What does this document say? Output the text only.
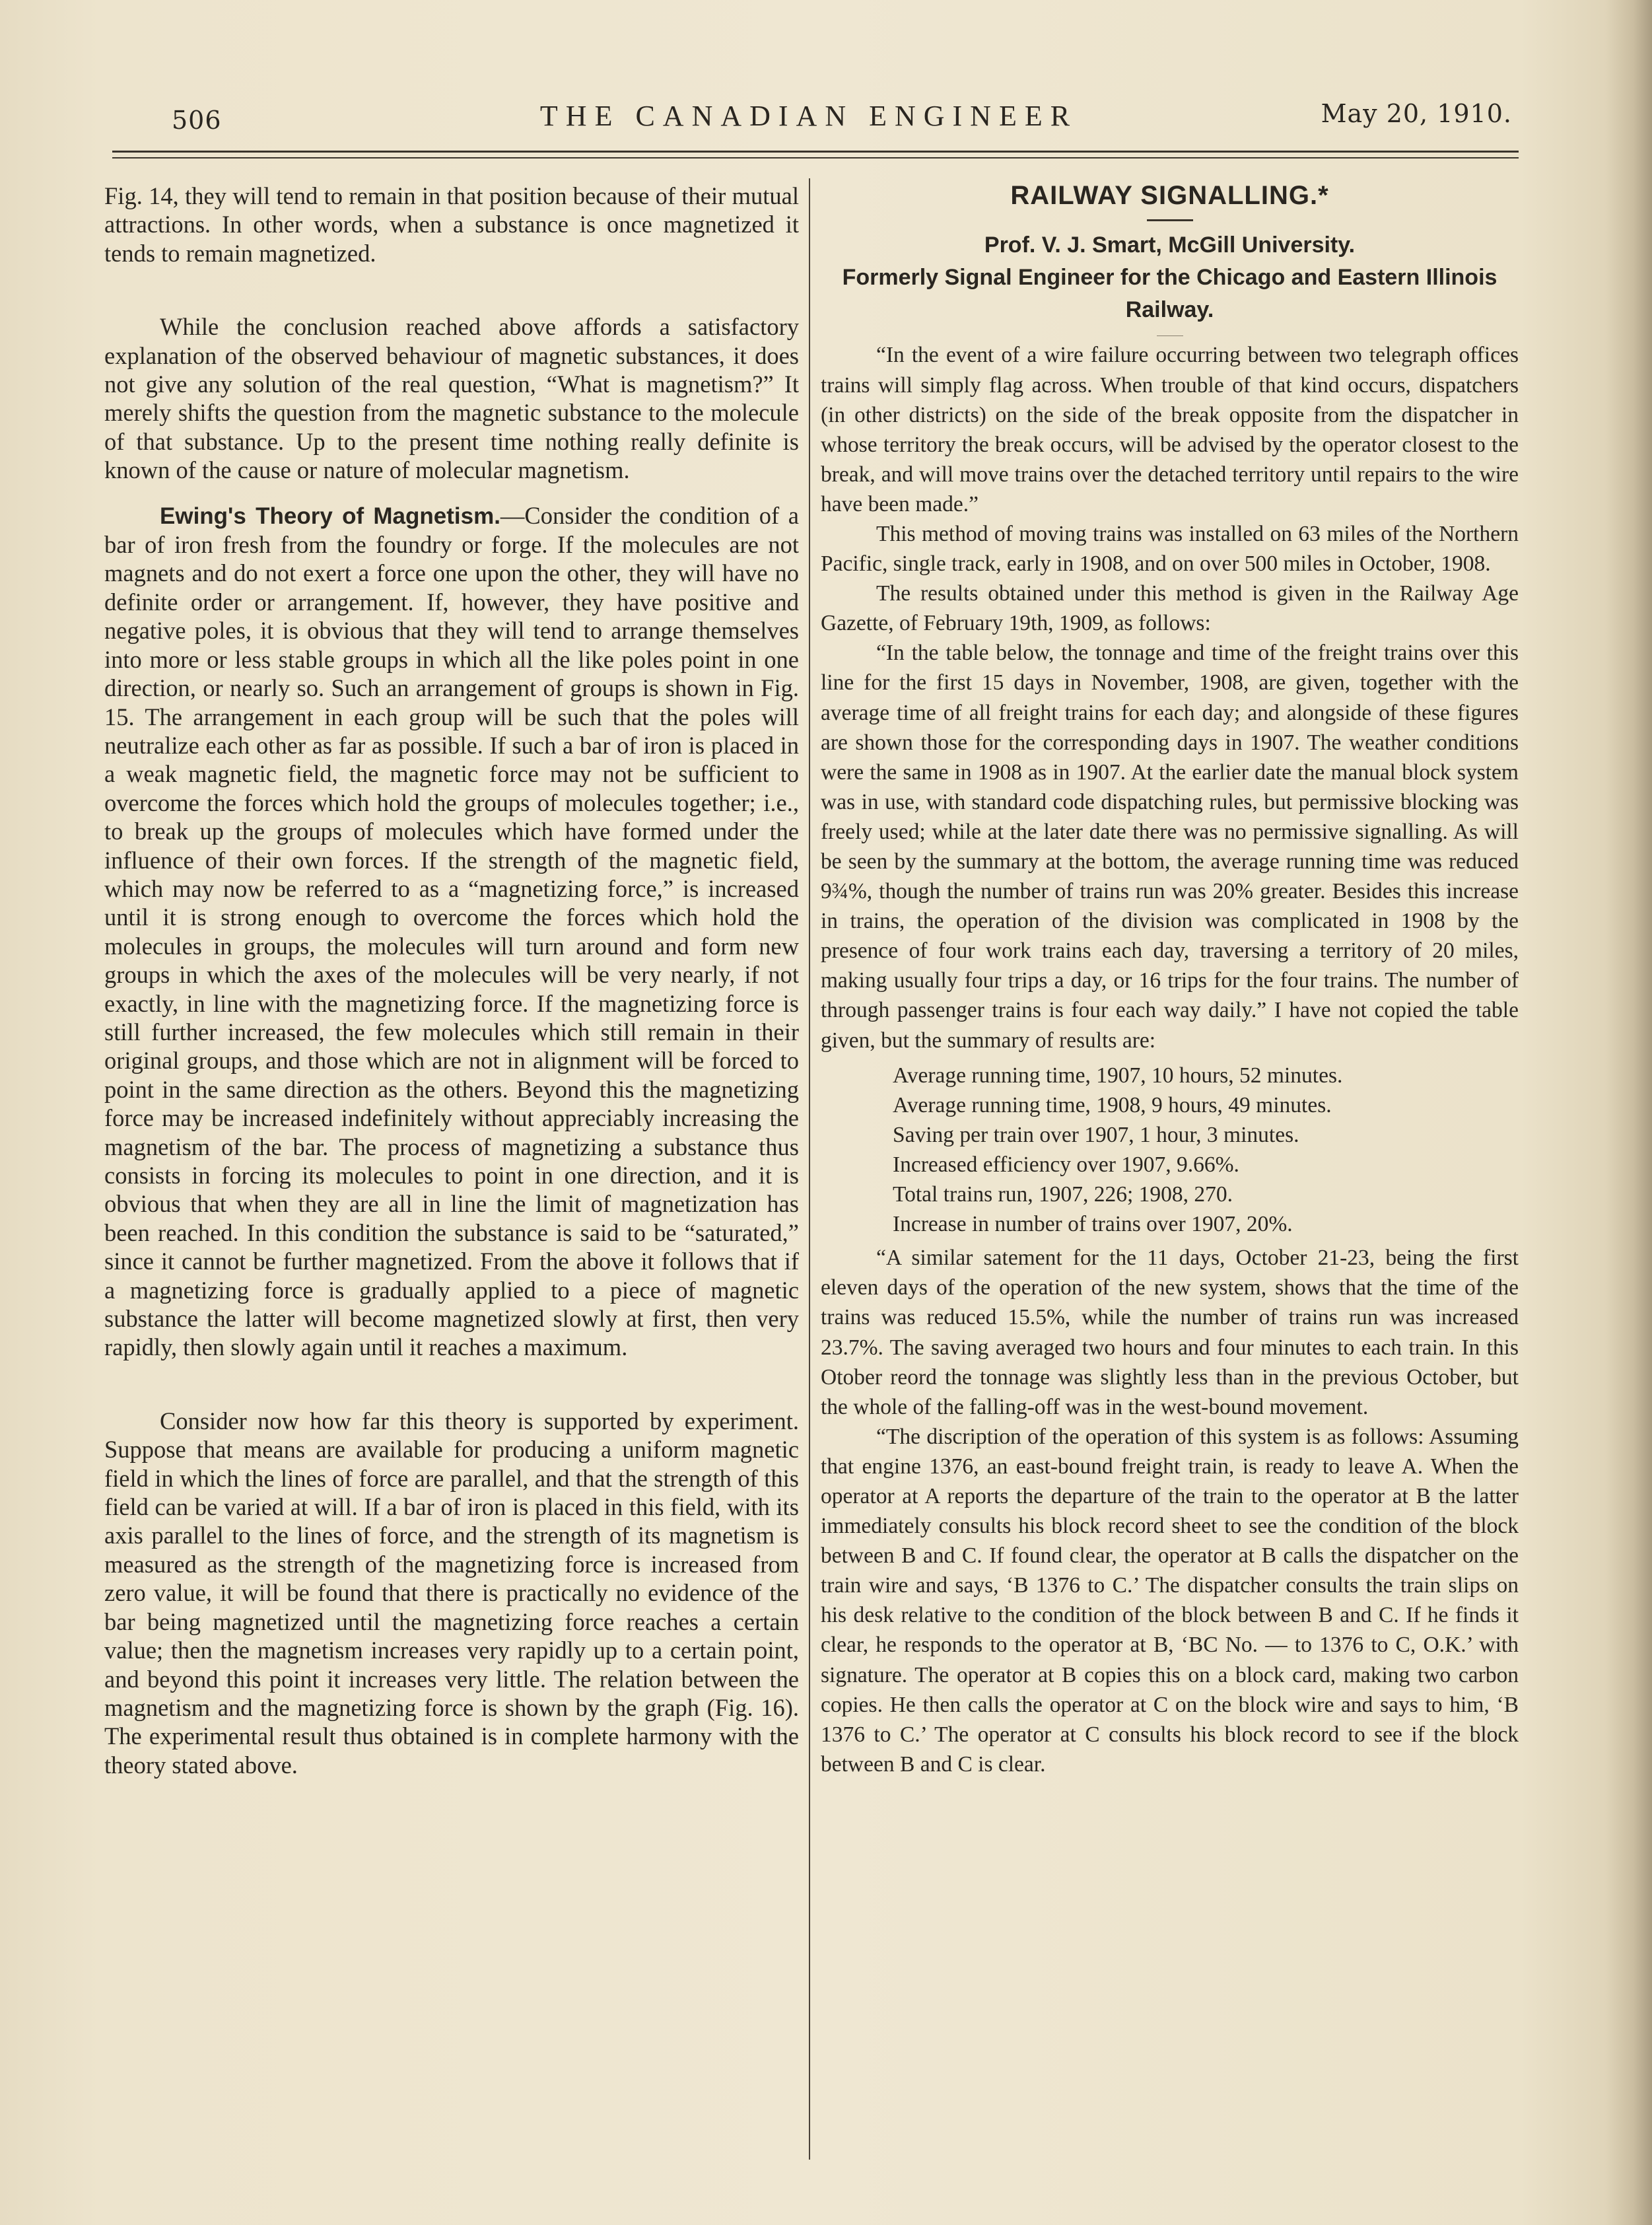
506	THE CANADIAN ENGINEER	May 20, 1910.

Fig. 14, they will tend to remain in that position because of their mutual attractions. In other words, when a substance is once magnetized it tends to remain magnetized.

While the conclusion reached above affords a satisfactory explanation of the observed behaviour of magnetic substances, it does not give any solution of the real question, “What is magnetism?” It merely shifts the question from the magnetic substance to the molecule of that substance. Up to the present time nothing really definite is known of the cause or nature of molecular magnetism.

Ewing's Theory of Magnetism.—Consider the condition of a bar of iron fresh from the foundry or forge. If the molecules are not magnets and do not exert a force one upon the other, they will have no definite order or arrangement. If, however, they have positive and negative poles, it is obvious that they will tend to arrange themselves into more or less stable groups in which all the like poles point in one direction, or nearly so. Such an arrangement of groups is shown in Fig. 15. The arrangement in each group will be such that the poles will neutralize each other as far as possible. If such a bar of iron is placed in a weak magnetic field, the magnetic force may not be sufficient to overcome the forces which hold the groups of molecules together; i.e., to break up the groups of molecules which have formed under the influence of their own forces. If the strength of the magnetic field, which may now be referred to as a “magnetizing force,” is increased until it is strong enough to overcome the forces which hold the molecules in groups, the molecules will turn around and form new groups in which the axes of the molecules will be very nearly, if not exactly, in line with the magnetizing force. If the magnetizing force is still further increased, the few molecules which still remain in their original groups, and those which are not in alignment will be forced to point in the same direction as the others. Beyond this the magnetizing force may be increased indefinitely without appreciably increasing the magnetism of the bar. The process of magnetizing a substance thus consists in forcing its molecules to point in one direction, and it is obvious that when they are all in line the limit of magnetization has been reached. In this condition the substance is said to be “saturated,” since it cannot be further magnetized. From the above it follows that if a magnetizing force is gradually applied to a piece of magnetic substance the latter will become magnetized slowly at first, then very rapidly, then slowly again until it reaches a maximum.

Consider now how far this theory is supported by experiment. Suppose that means are available for producing a uniform magnetic field in which the lines of force are parallel, and that the strength of this field can be varied at will. If a bar of iron is placed in this field, with its axis parallel to the lines of force, and the strength of its magnetism is measured as the strength of the magnetizing force is increased from zero value, it will be found that there is practically no evidence of the bar being magnetized until the magnetizing force reaches a certain value; then the magnetism increases very rapidly up to a certain point, and beyond this point it increases very little. The relation between the magnetism and the magnetizing force is shown by the graph (Fig. 16). The experimental result thus obtained is in complete harmony with the theory stated above.

RAILWAY SIGNALLING.*

Prof. V. J. Smart, McGill University.

Formerly Signal Engineer for the Chicago and Eastern Illinois Railway.

“In the event of a wire failure occurring between two telegraph offices trains will simply flag across. When trouble of that kind occurs, dispatchers (in other districts) on the side of the break opposite from the dispatcher in whose territory the break occurs, will be advised by the operator closest to the break, and will move trains over the detached territory until repairs to the wire have been made.”

This method of moving trains was installed on 63 miles of the Northern Pacific, single track, early in 1908, and on over 500 miles in October, 1908.

The results obtained under this method is given in the Railway Age Gazette, of February 19th, 1909, as follows:

“In the table below, the tonnage and time of the freight trains over this line for the first 15 days in November, 1908, are given, together with the average time of all freight trains for each day; and alongside of these figures are shown those for the corresponding days in 1907. The weather conditions were the same in 1908 as in 1907. At the earlier date the manual block system was in use, with standard code dispatching rules, but permissive blocking was freely used; while at the later date there was no permissive signalling. As will be seen by the summary at the bottom, the average running time was reduced 9¾%, though the number of trains run was 20% greater. Besides this increase in trains, the operation of the division was complicated in 1908 by the presence of four work trains each day, traversing a territory of 20 miles, making usually four trips a day, or 16 trips for the four trains. The number of through passenger trains is four each way daily.” I have not copied the table given, but the summary of results are:

Average running time, 1907, 10 hours, 52 minutes.
Average running time, 1908, 9 hours, 49 minutes.
Saving per train over 1907, 1 hour, 3 minutes.
Increased efficiency over 1907, 9.66%.
Total trains run, 1907, 226; 1908, 270.
Increase in number of trains over 1907, 20%.

“A similar satement for the 11 days, October 21-23, being the first eleven days of the operation of the new system, shows that the time of the trains was reduced 15.5%, while the number of trains run was increased 23.7%. The saving averaged two hours and four minutes to each train. In this Otober reord the tonnage was slightly less than in the previous October, but the whole of the falling-off was in the west-bound movement.

“The discription of the operation of this system is as follows: Assuming that engine 1376, an east-bound freight train, is ready to leave A. When the operator at A reports the departure of the train to the operator at B the latter immediately consults his block record sheet to see the condition of the block between B and C. If found clear, the operator at B calls the dispatcher on the train wire and says, ‘B 1376 to C.’ The dispatcher consults the train slips on his desk relative to the condition of the block between B and C. If he finds it clear, he responds to the operator at B, ‘BC No. — to 1376 to C, O.K.’ with signature. The operator at B copies this on a block card, making two carbon copies. He then calls the operator at C on the block wire and says to him, ‘B 1376 to C.’ The operator at C consults his block record to see if the block between B and C is clear.
